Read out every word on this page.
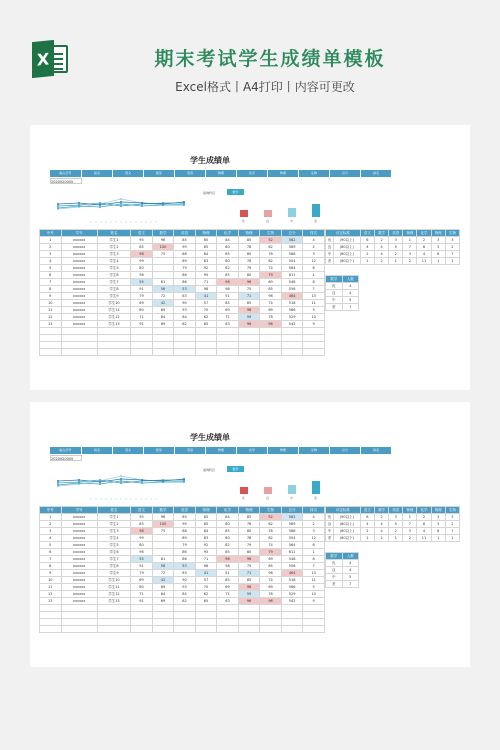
X	期末考试学生成绩单模板
Excel格式丨A4打印丨内容可更改
学生成绩单
输入学号	姓名	语文	数学	英语	物理	化学	物理	生物	总分	排名
2020020005
查询科目	数学
优	良	中	差
序号	学号	姓名	语文	数学	英语	物理	化学	物理	生物	总分	排名
1	xxxxxx	学生1	95	96	85	85	84	85	52	582	4
2	xxxxxx	学生2	85	100	99	85	80	78	62	589	2
3	xxxxxx	学生3	98	75	88	84	85	80	78	588	3
4	xxxxxx	学生4	99		89	83	80	78	82	504	12
5	xxxxxx	学生5	80		79	92	82	79	74	564	6
6	xxxxxx	学生6	96		86	95	85	80	79	611	1
7	xxxxxx	学生7	55	81	86	71	96	96	69	548	8
8	xxxxxx	学生8	91	56	53	98	98	75	85	556	7
9	xxxxxx	学生9	79	72	63	41	51	71	96	464	13
10	xxxxxx	学生10	69	42	90	57	85	85	74	518	11
11	xxxxxx	学生11	80	89	93	70	69	96	69	566	5
12	xxxxxx	学生12	71	84	84	62	71	59	78	529	10
13	xxxxxx	学生13	91	69	62	65	63	96	96	542	9

评定标准		语文	数学	英语	物理	化学	物理	生物
优	(90以上)	6	2	3	1	2	3	3
良	(80以上)	4	4	5	7	6	3	2
中	(60以上)	2	4	2	3	4	6	7
差	(60以下)	1	2	1	2	11	1	1
数学	人数
优	4
良	4
中	5
差	7
学生成绩单
输入学号	姓名	语文	数学	英语	物理	化学	物理	生物	总分	排名
2020020005
查询科目	数学
优	良	中	差
序号	学号	姓名	语文	数学	英语	物理	化学	物理	生物	总分	排名
1	xxxxxx	学生1	95	96	85	85	84	85	52	582	4
2	xxxxxx	学生2	85	100	99	85	80	78	62	589	2
3	xxxxxx	学生3	98	75	88	84	85	80	78	588	3
4	xxxxxx	学生4	99		89	83	80	78	82	504	12
5	xxxxxx	学生5	80		79	92	82	79	74	564	6
6	xxxxxx	学生6	96		86	95	85	80	79	611	1
7	xxxxxx	学生7	55	81	86	71	96	96	69	548	8
8	xxxxxx	学生8	91	56	53	98	98	75	85	556	7
9	xxxxxx	学生9	79	72	63	41	51	71	96	464	13
10	xxxxxx	学生10	69	42	90	57	85	85	74	518	11
11	xxxxxx	学生11	80	89	93	70	69	96	69	566	5
12	xxxxxx	学生12	71	84	84	62	71	59	78	529	10
13	xxxxxx	学生13	91	69	62	65	63	96	96	542	9

评定标准		语文	数学	英语	物理	化学	物理	生物
优	(90以上)	6	2	3	1	2	3	3
良	(80以上)	4	4	5	7	6	3	2
中	(60以上)	2	4	2	3	4	6	7
差	(60以下)	1	2	1	2	11	1	1
数学	人数
优	4
良	4
中	5
差	7
